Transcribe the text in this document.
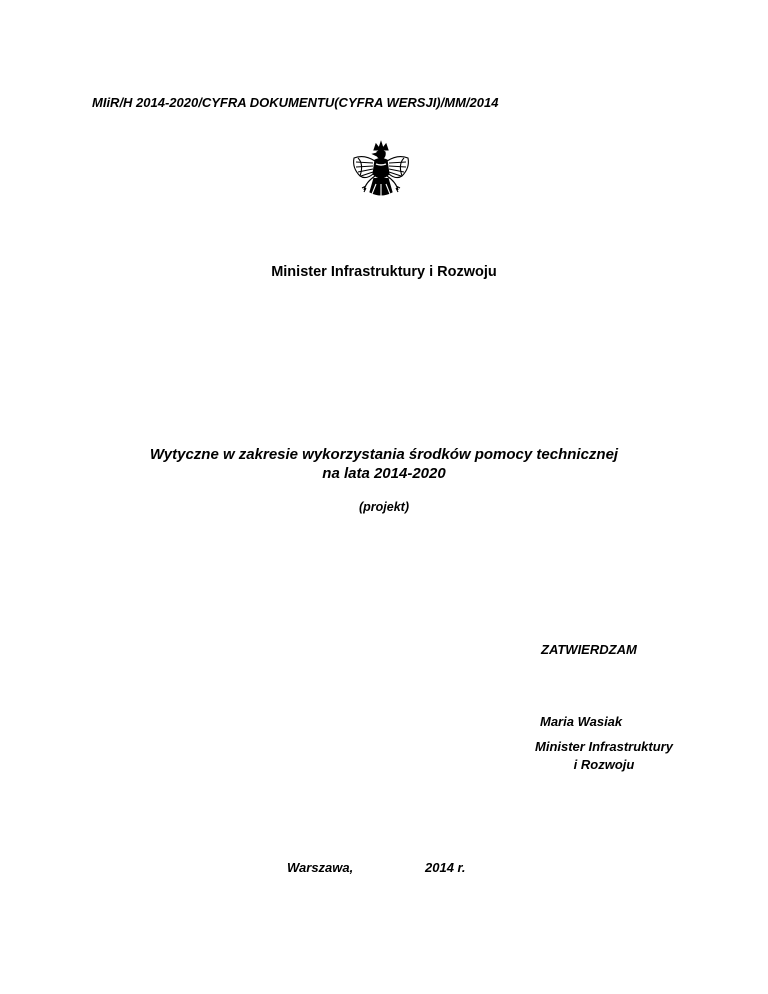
MIiR/H 2014-2020/CYFRA DOKUMENTU(CYFRA WERSJI)/MM/2014
Minister Infrastruktury i Rozwoju
Wytyczne w zakresie wykorzystania środków pomocy technicznej
na lata 2014-2020
(projekt)
ZATWIERDZAM
Maria Wasiak
Minister Infrastruktury
i Rozwoju
Warszawa,	2014 r.
